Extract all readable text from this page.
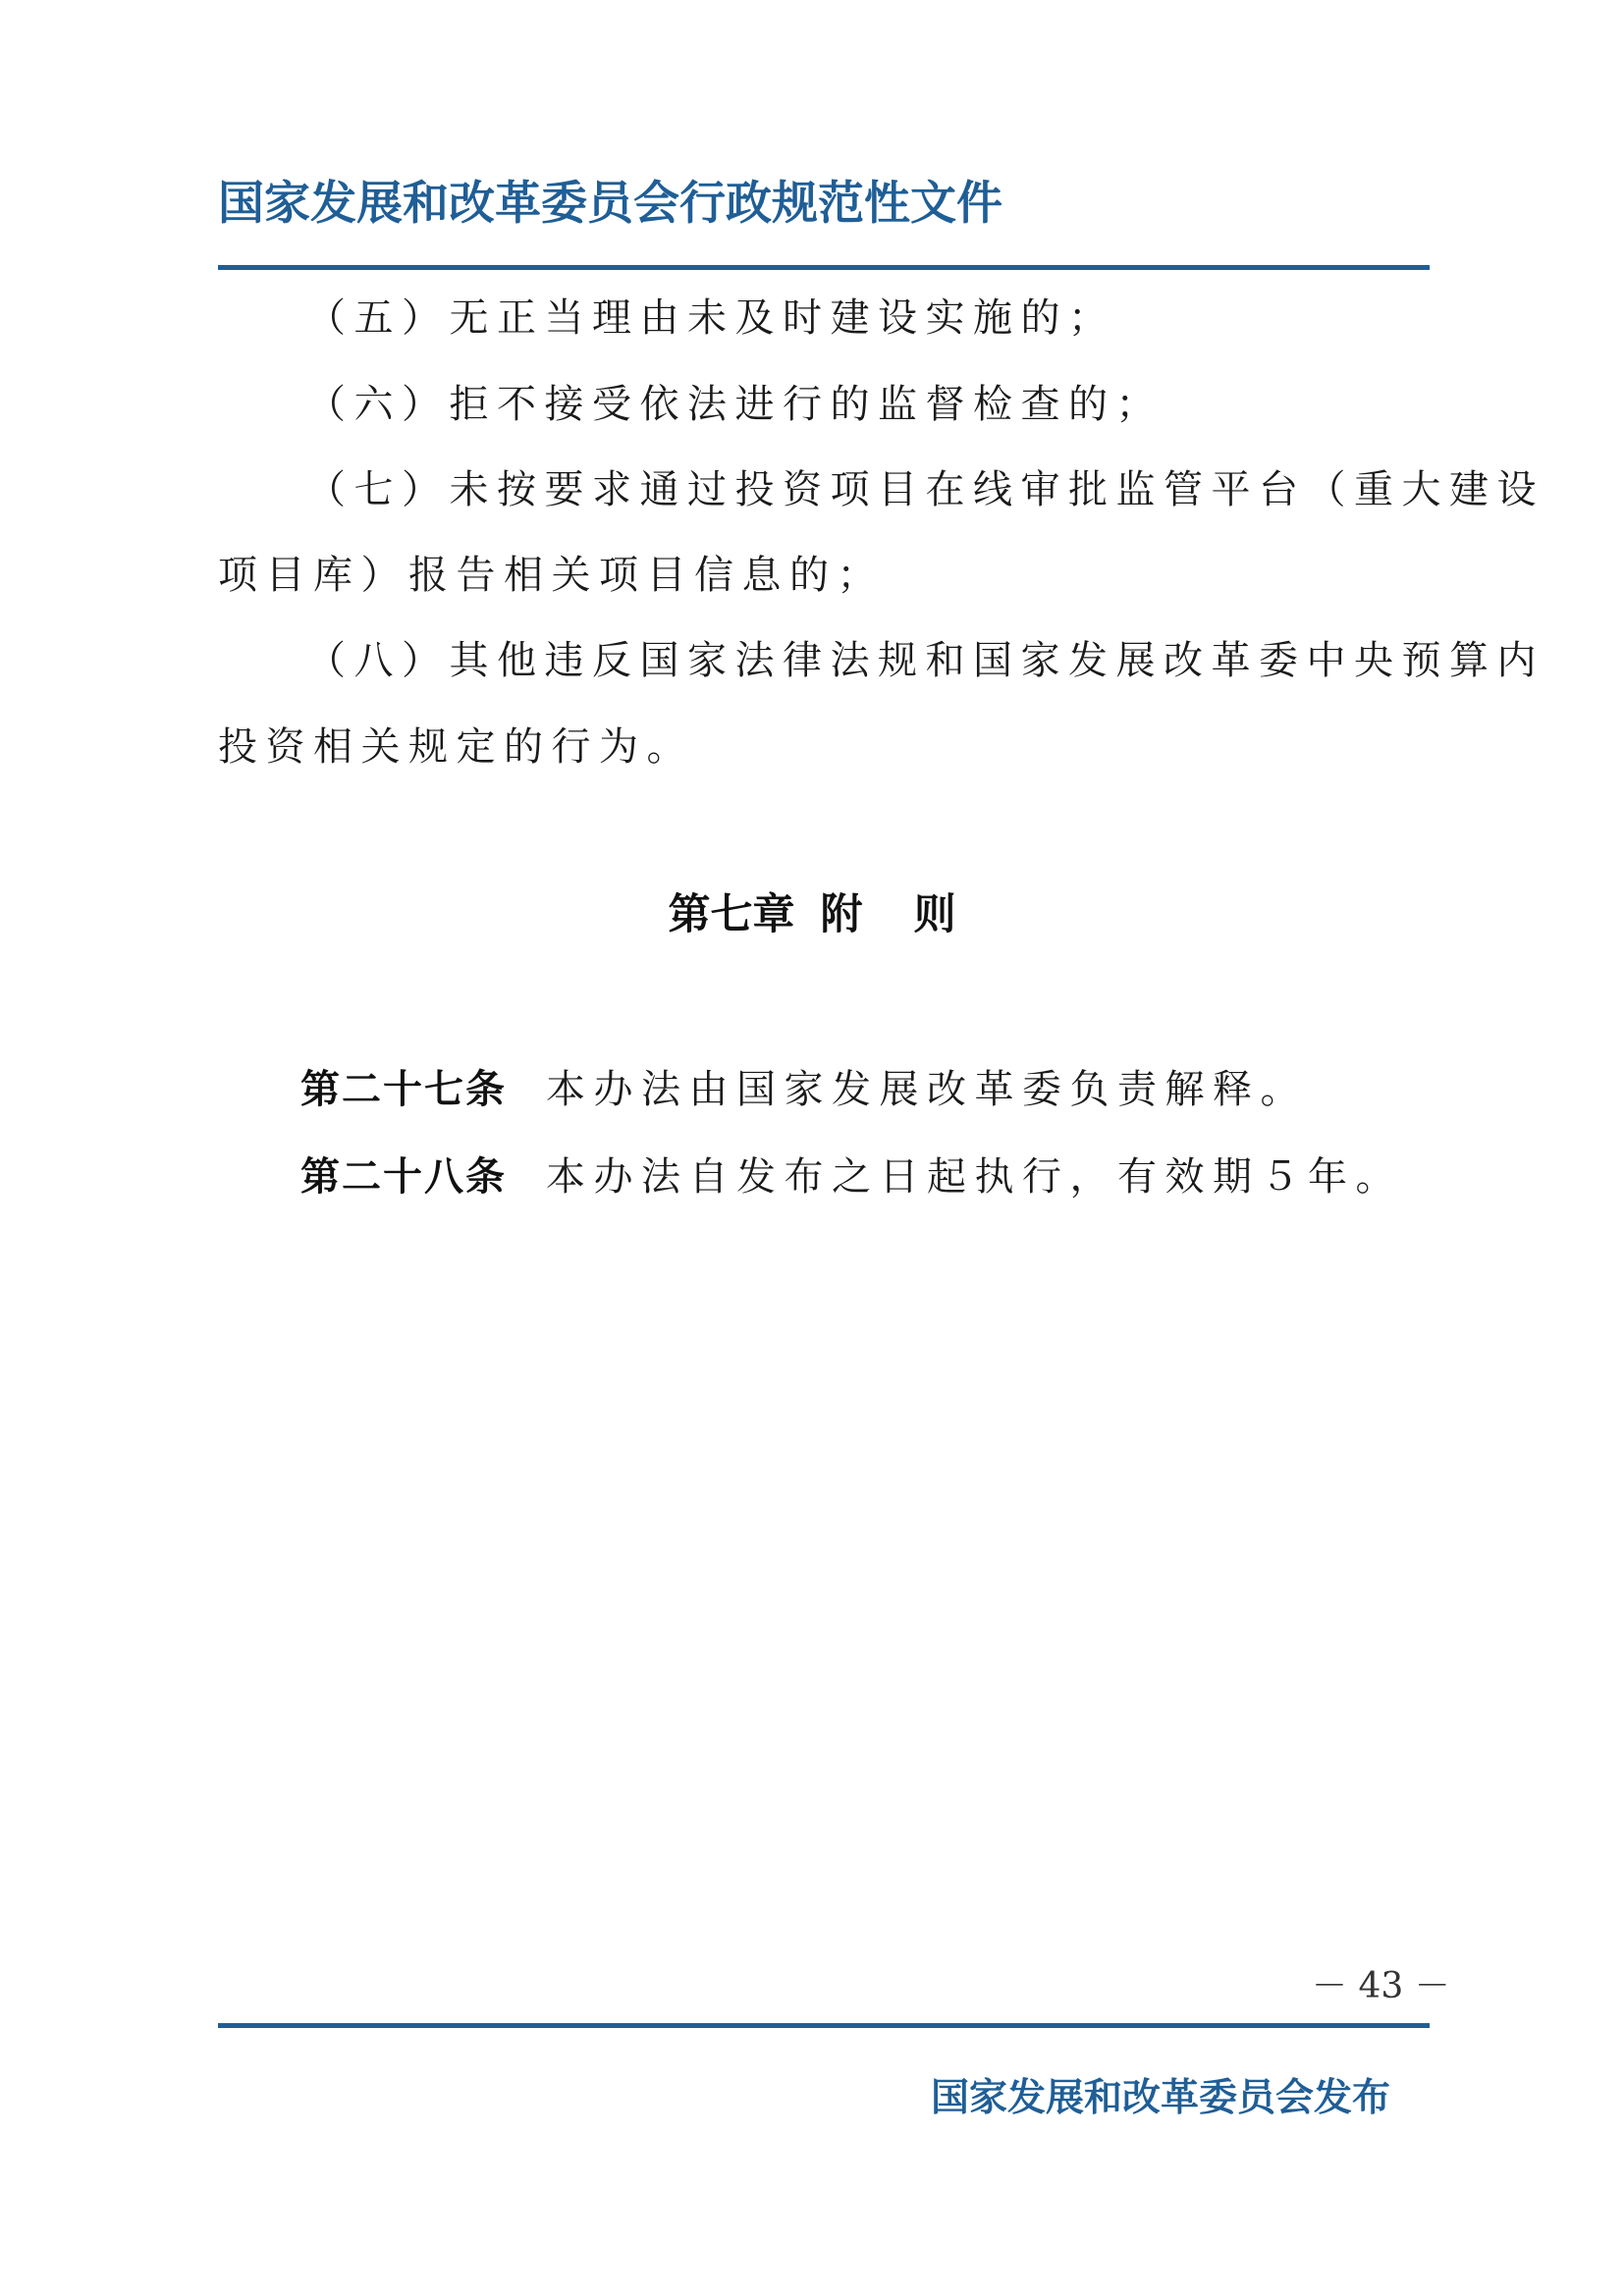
国家发展和改革委员会行政规范性文件
（五）无正当理由未及时建设实施的；
（六）拒不接受依法进行的监督检查的；
（七）未按要求通过投资项目在线审批监管平台（重大建设
项目库）报告相关项目信息的；
（八）其他违反国家法律法规和国家发展改革委中央预算内
投资相关规定的行为。
第七章 附 则
第二十七条 本办法由国家发展改革委负责解释。
第二十八条 本办法自发布之日起执行，有效期５年。
－ 43 －
国家发展和改革委员会发布
